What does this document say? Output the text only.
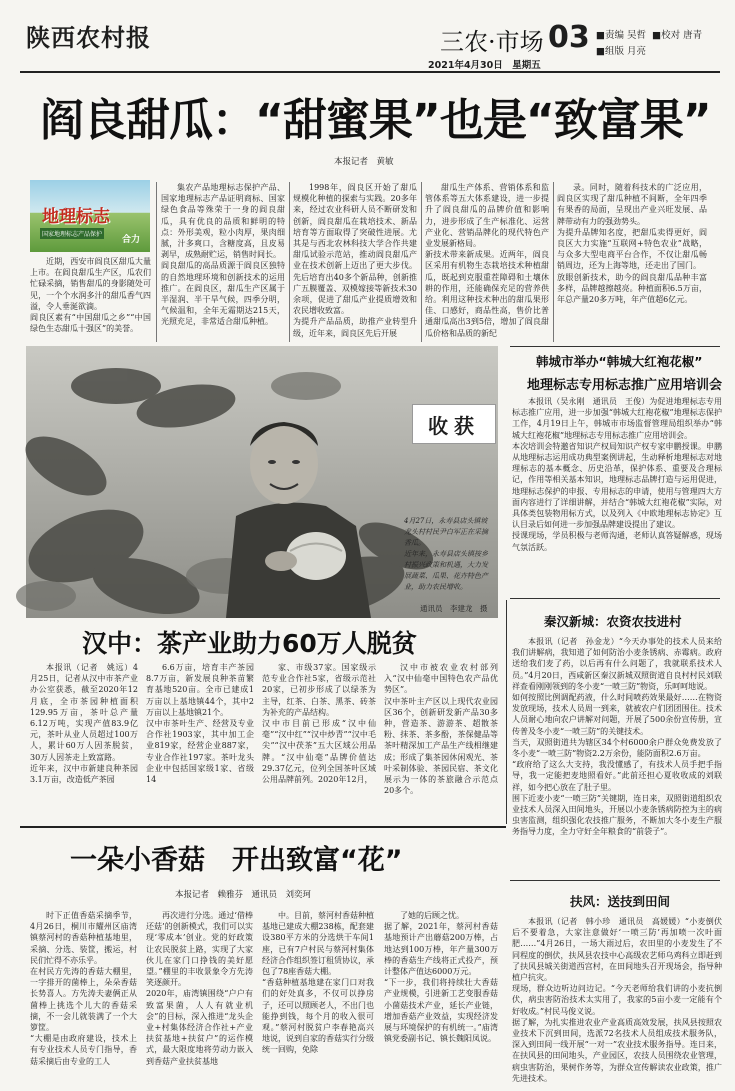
陕西农村报	三农·市场 03
2021年4月30日　星期五
■责编 吴哲 ■校对 唐青
■组版 月亮
阎良甜瓜：“甜蜜果”也是“致富果”
本报记者　黄敏
地理标志
国家地理标志产品保护
合力

近期，西安市阎良区甜瓜大量上市。在阎良甜瓜生产区，瓜农们忙碌采摘，销售甜瓜的身影随处可见，一个个水润多汁的甜瓜香气四溢，令人垂涎欲滴。
阎良区素有“中国甜瓜之乡”“中国绿色生态甜瓜十强区”的美誉。

集农产品地理标志保护产品、国家地理标志产品证明商标、国家绿色食品等殊荣于一身的阎良甜瓜，具有优良的品质和鲜明的特点：外形美观，粒小肉厚，果肉细腻，汁多爽口，含糖度高，且皮易剥早，成熟耐贮运，销售时间长。
阎良甜瓜的高品质源于阎良区独特的自然地理环境和创新技术的运用推广。在阎良区，甜瓜生产区属于半湿润、半干旱气候，四季分明，气候温和，全年无霜期达215天，光照充足，非常适合甜瓜种植。

1998年，阎良区开始了甜瓜规模化种植的探索与实践。20多年来，经过农业科研人员不断研发和创新，阎良甜瓜在栽培技术、新品培育等方面取得了突破性进展。尤其是与西北农林科技大学合作共建甜瓜试验示范站，推动阎良甜瓜产业在技术创新上迈出了更大步伐。先后培育出40多个新品种，创新推广五膜覆盖、双模嫁接等新技术30余项，促进了甜瓜产业提质增效和农民增收致富。
为提升产品品质，助推产业转型升级，近年来，阎良区先后开展

甜瓜生产体系、营销体系和监管体系等五大体系建设，进一步提升了阎良甜瓜的品牌价值和影响力，进步形成了生产标准化、运营产业化、营销品牌化的现代特色产业发展新格局。
新技术带来新成果。近两年，阎良区采用有机物生态栽培技术种植甜瓜，既起到克服重茬障碍和土壤休耕的作用，还能确保充足的营养供给。利用这种技术种出的甜瓜果形佳、口感好，商品性高，售价比普通甜瓜高出3到5倍，增加了阎良甜瓜价格和品质的新纪

录。同时，随着科技术的广泛应用，阎良区实现了甜瓜种植不间断，全年四季有果香的局面，呈现出产业兴旺发展、品牌带动有力的强劲势头。
为提升品牌知名度，把甜瓜卖得更好，阎良区大力实施“互联网+特色农业”战略，与众多大型电商平台合作，不仅让甜瓜畅销周边，还为上海等地，还走出了国门。
放眼创新技术，助今的阎良甜瓜品种丰富多样，品牌越擦越亮。种植面积6.5万亩，年总产量20多万吨，年产值超6亿元。

收获
4月27日，永寿县店头镇坡龙头村村民尹白军正在采摘香瓜。
近年来，永寿县店头镇按乡村振兴政策和机遇，大力发展蔬菜、瓜果、花卉特色产业，助力农民增收。
通讯员　李建龙　摄
韩城市举办“韩城大红袍花椒”
地理标志专用标志推广应用培训会

本报讯（吴永刚　通讯员　王俊）为促进地理标志专用标志推广应用，进一步加强“韩城大红袍花椒”地理标志保护工作，4月19日上午，韩城市市场监督管理局组织举办“韩城大红袍花椒”地理标志专用标志推广应用培训会。
本次培训会特邀省知识产权局知识产权专家申鹏授课。申鹏从地理标志运用成功典型案例讲起，生动释析地理标志对地理标志的基本概念、历史沿革，保护体系、重要及合理标记，作用等相关基本知识，地理标志品牌打造与运用促进，地理标志保护的申报、专用标志的申请，使用与管理四大方面内容进行了详细讲解，并结合“韩城大红袍花椒”实际，对具体类包装物用标方式，以及列入《中欧地理标志协定》互认目录后如何进一步加强品牌建设提出了建议。
授课现场，学员积极与老师沟通，老师认真答疑解惑，现场气氛活跃。

秦汉新城：农资农技进村

本报讯（记者　孙金龙）“今天办事处的技术人员来给我们讲解病，我知道了如何防治小麦条锈病、赤霉病。政府送给我们麦了药，以后再有什么问题了，我就联系技术人员。”4月20日，西咸新区秦汉新城双照街道自良村村民刘联祥查看刚刚领到的冬小麦“一喷三防”物资，乐呵呵地说。
如何按照比例调配药液，什么时间喷药效果最好……在物资发放现场，技术人员周一到来，就被农户们团团围住。技术人员耐心地向农户讲解对问题，开展了500余份宣传册，宣传普及冬小麦“一喷三防”的关键技术。
当天，双照街道共为辖区34个村6000余户群众免费发放了冬小麦“一喷三防”物资2.2万余份，能防面积2.6万亩。
“政府给了这么大支持，我没懂感了，有技术人员手把手指导，我一定能把麦地照看好。”此前还担心夏收收成的刘联祥，如今把心放在了肚子里。
围下近麦小麦“一喷三防”关键期，连日来，双照街道组织农业技术人员深入田间地头，开展以小麦条锈病防控为主的病虫害监测，组织强化农技推广服务，不断加大冬小麦生产服务指导力度，全力守好全年粮食的“前袋子”。

汉中：茶产业助力60万人脱贫

本报讯（记者　姚远）4月25日，记者从汉中市茶产业办公室获悉，截至2020年12月底，全市茶园种植面积129.95万亩，茶叶总产量6.12万吨，实现产值83.9亿元，茶叶从业人员超过100万人，累计60万人因茶脱贫，30万人因茶走上致富路。
近年来，汉中市新建良种茶园3.1万亩，改造低产茶园

6.6万亩，培育丰产茶园8.7万亩，新发展良种茶苗繁育基地520亩。全市已建成1万亩以上基地镇44个，其中2万亩以上基地镇21个。
汉中市茶叶生产、经营及专业合作社1903家，其中加工企业819家，经营企业887家，专业合作社197家。茶叶龙头企业中包括国家级1家、省级14

家、市级37家。国家级示范专业合作社5家，省级示范社20家，已初步形成了以绿茶为主导，红茶、白茶、黑茶、砖茶为补充的产品结构。
汉中市目前已形成“汉中仙毫”“汉中红”“汉中炒青”“汉中毛尖”“汉中茯茶”五大区域公用品牌。“汉中仙毫”品牌价值达29.37亿元，位列全国茶叶区域公用品牌前列。2020年12月，

汉中市被农业农村部列入“汉中仙毫中国特色农产品优势区”。
汉中茶叶主产区以上现代农业园区36个，创新研发新产品30多种，营造茶、游游茶、超散茶粉、抹茶、茶多酚，茶保健品等茶叶精深加工产品生产线相继建成；形成了集茶园休闲观光、茶叶采制体验、茶园民宿、茶文化展示为一体的茶旅融合示范点20多个。

一朵小香菇　开出致富“花”
本报记者　赖雅芬　通讯员　刘奕珂

时下正值香菇采摘季节，4月26日，桐川市耀州区庙湾镇蔡河村的香菇种植基地里，采摘、分选、装筐，搬运，村民们忙得不亦乐乎。
在村民方先涛的香菇大棚里，一字排开的菌棒上，朵朵香菇长势喜人。方先涛夫妻俩正从菌棒上挑选个儿大的香菇采摘，不一会儿就装满了一个大箩筐。
“大棚是由政府建设，技术上有专业技术人员专门指导，香菇采摘后由专业的工人

再次进行分选。通过‘借棒还菇’的创新模式，我们可以实现‘零成本’创业。党的好政策让农民脱贫上路，实现了大家伙儿在家门口挣钱的美好愿望。”棚里的丰收景象令方先涛笑逐颜开。
2020年，庙湾镇围绕“户户有致富果菌，人人有就业机会”的目标，深入推进“龙头企业+村集体经济合作社+产业扶贫基地+扶贫户”的运作模式，最大限度地将劳动力嵌入到香菇产业扶贫基地

中。目前，蔡河村香菇种植基地已建成大棚238栋，配套建设380平方米的分选烘干车间1座，已有7户村民与蔡河村集体经济合作组织签订租赁协议，承包了78座香菇大棚。
“香菇种植基地建在家门口对我们的好处真多，不仅可以挣房子，还可以照顾老人，不出门也能挣到钱，每个月的收入很可观。”蔡河村脱贫户李春艳高兴地说，说到自家的香菇实行分级统一回购，免除

了她的后顾之忧。
据了解，2021年，蔡河村香菇基地预计产出蘑菇200万棒，占地达到100万棒，年产量300万棒的香菇生产线将正式投产，预计整体产值达6000万元。
“下一步，我们将持续壮大香菇产业规模，引进新工艺变服香菇小菌菇技术产业，延长产业链，增加香菇产业效益，实现经济发展与环境保护的有机统一。”庙湾镇党委副书记、镇长魏阳凤说。

扶风：送技到田间

本报讯（记者　韩小珍　通讯员　高媛媛）“小麦倒伏后不要着急，大家注意做好‘一喷三防’再加喷一次叶面肥……”4月26日，一场大雨过后，农田里的小麦发生了不同程度的倒伏，扶风县农技中心高级农艺师乌鸡科立即赶到了扶风县城关街道西宫村，在田间地头召开现场会，指导种植户抗灾。
现场，群众边听边问边记。“今天老师给我们讲的小麦抗倒伏，病虫害防治技术太实用了，我家的5亩小麦一定能有个好收成。”村民马俊义说。
据了解，为扎实推进农业产业高质高效发展，扶风县按照农业技术下沉到田间，选派72名技术人员组成技术服务队，深入到田间一线开展“一对一”农业技术服务指导。连日来，在扶风县的田间地头，产业园区，农技人员围绕农业管理，病虫害防治，果树作务等，为群众宣传解读农业政策，推广先进技术。
